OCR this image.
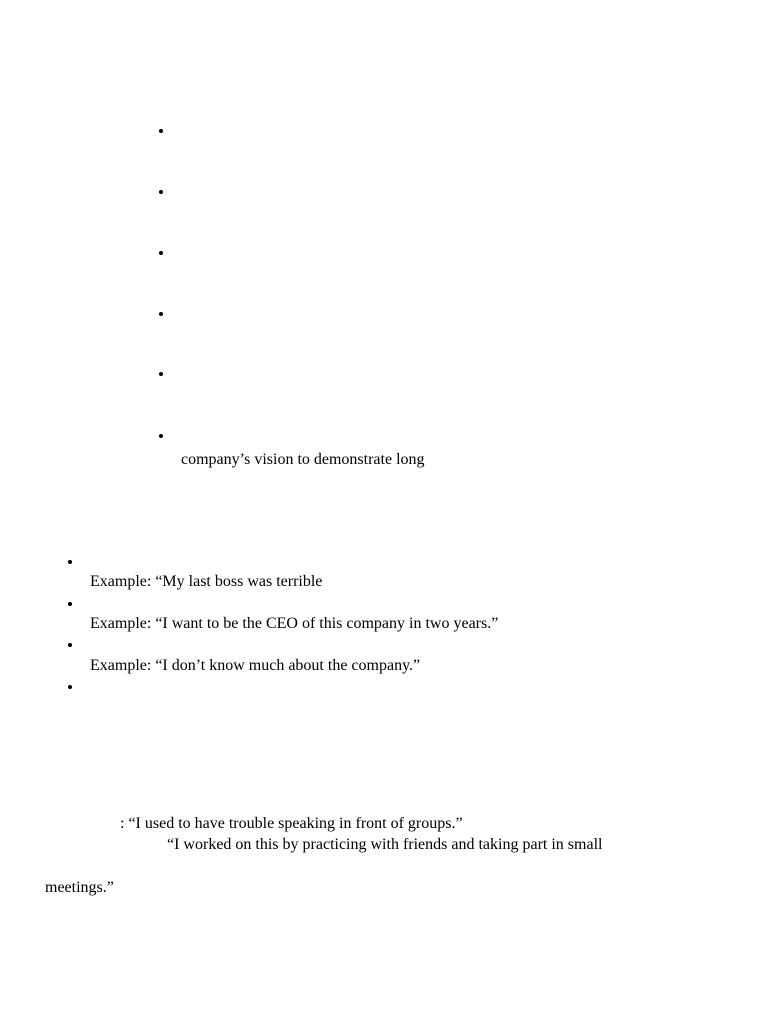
company’s vision to demonstrate long
Example: “My last boss was terrible
Example: “I want to be the CEO of this company in two years.”
Example: “I don’t know much about the company.”
: “I used to have trouble speaking in front of groups.”
“I worked on this by practicing with friends and taking part in small
meetings.”
